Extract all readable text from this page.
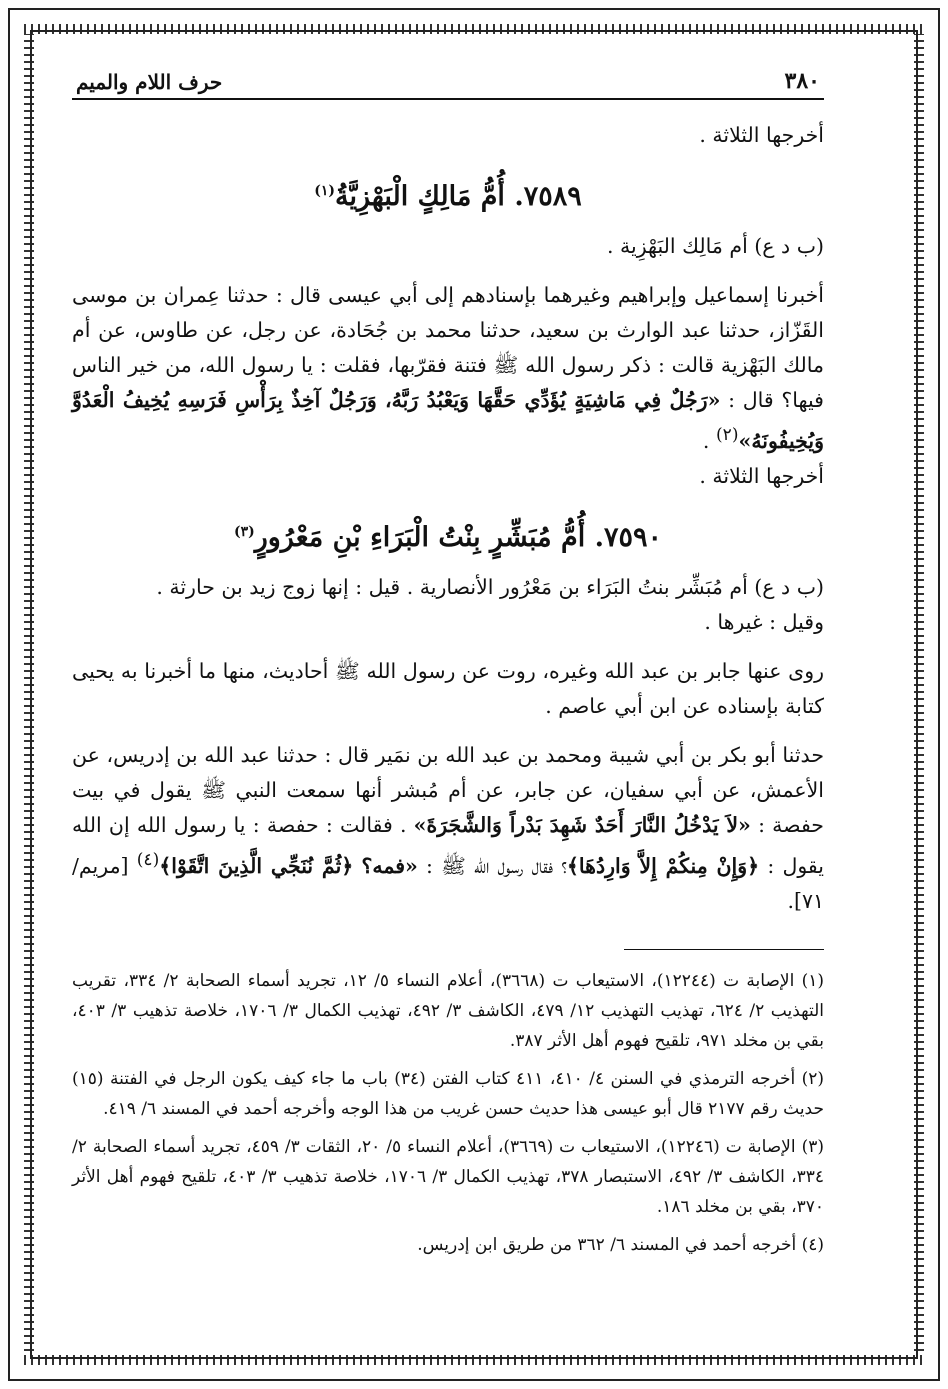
٣٨٠
حرف اللام والميم

أخرجها الثلاثة .

٧٥٨٩. أُمُّ مَالِكٍ الْبَهْزِيَّةُ$^{(١)}$

(ب د ع) أم مَالِك البَهْزِية .

أخبرنا إسماعيل وإبراهيم وغيرهما بإسنادهم إلى أبي عيسى قال : حدثنا عِمران بن موسى القَزّاز، حدثنا عبد الوارث بن سعيد، حدثنا محمد بن جُحَادة، عن رجل، عن طاوس، عن أم مالك البَهْزية قالت : ذكر رسول الله ﷺ فتنة فقرّبها، فقلت : يا رسول الله، من خير الناس فيها؟ قال : «رَجُلٌ فِي مَاشِيَةٍ يُؤَدِّي حَقَّهَا وَيَعْبُدُ رَبَّهُ، وَرَجُلٌ آخِذٌ بِرَأْسِ فَرَسِهِ يُخِيفُ الْعَدُوَّ وَيُخِيفُونَهُ»$^{(٢)}$ .

أخرجها الثلاثة .

٧٥٩٠. أُمُّ مُبَشِّرٍ بِنْتُ الْبَرَاءِ بْنِ مَعْرُورٍ$^{(٣)}$

(ب د ع) أم مُبَشِّر بنتُ البَرَاء بن مَعْرُور الأنصارية . قيل : إنها زوج زيد بن حارثة .

وقيل : غيرها .

روى عنها جابر بن عبد الله وغيره، روت عن رسول الله ﷺ أحاديث، منها ما أخبرنا به يحيى كتابة بإسناده عن ابن أبي عاصم .

حدثنا أبو بكر بن أبي شيبة ومحمد بن عبد الله بن نمَير قال : حدثنا عبد الله بن إدريس، عن الأعمش، عن أبي سفيان، عن جابر، عن أم مُبشر أنها سمعت النبي ﷺ يقول في بيت حفصة : «لاَ يَدْخُلُ النَّارَ أَحَدٌ شَهِدَ بَدْراً وَالشَّجَرَةَ» . فقالت : حفصة : يا رسول الله إن الله يقول : ﴿وَإِنْ مِنكُمْ إِلاَّ وَارِدُهَا﴾؟ فقال رسول الله ﷺ : «فمه؟ ﴿ثُمَّ نُنَجِّي الَّذِينَ اتَّقَوْا﴾$^{(٤)}$ [مريم/ ٧١].

(١) الإصابة ت (١٢٢٤٤)، الاستيعاب ت (٣٦٦٨)، أعلام النساء ٥/ ١٢، تجريد أسماء الصحابة ٢/ ٣٣٤، تقريب التهذيب ٢/ ٦٢٤، تهذيب التهذيب ١٢/ ٤٧٩، الكاشف ٣/ ٤٩٢، تهذيب الكمال ٣/ ١٧٠٦، خلاصة تذهيب ٣/ ٤٠٣، بقي بن مخلد ٩٧١، تلقيح فهوم أهل الأثر ٣٨٧.

(٢) أخرجه الترمذي في السنن ٤/ ٤١٠، ٤١١ كتاب الفتن (٣٤) باب ما جاء كيف يكون الرجل في الفتنة (١٥) حديث رقم ٢١٧٧ قال أبو عيسى هذا حديث حسن غريب من هذا الوجه وأخرجه أحمد في المسند ٦/ ٤١٩.

(٣) الإصابة ت (١٢٢٤٦)، الاستيعاب ت (٣٦٦٩)، أعلام النساء ٥/ ٢٠، الثقات ٣/ ٤٥٩، تجريد أسماء الصحابة ٢/ ٣٣٤، الكاشف ٣/ ٤٩٢، الاستبصار ٣٧٨، تهذيب الكمال ٣/ ١٧٠٦، خلاصة تذهيب ٣/ ٤٠٣، تلقيح فهوم أهل الأثر ٣٧٠، بقي بن مخلد ١٨٦.

(٤) أخرجه أحمد في المسند ٦/ ٣٦٢ من طريق ابن إدريس.
